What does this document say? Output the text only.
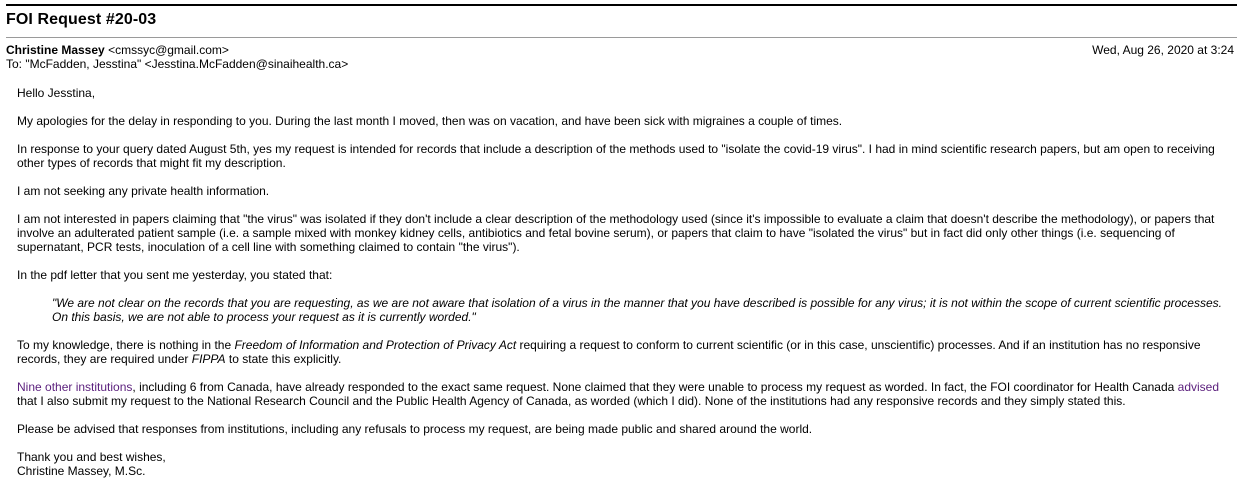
FOI Request #20-03
Christine Massey <cmssyc@gmail.com>	Wed, Aug 26, 2020 at 3:24
To: "McFadden, Jesstina" <Jesstina.McFadden@sinaihealth.ca>

Hello Jesstina,

My apologies for the delay in responding to you. During the last month I moved, then was on vacation, and have been sick with migraines a couple of times.

In response to your query dated August 5th, yes my request is intended for records that include a description of the methods used to "isolate the covid-19 virus". I had in mind scientific research papers, but am open to receiving other types of records that might fit my description.

I am not seeking any private health information.

I am not interested in papers claiming that "the virus" was isolated if they don't include a clear description of the methodology used (since it's impossible to evaluate a claim that doesn't describe the methodology), or papers that involve an adulterated patient sample (i.e. a sample mixed with monkey kidney cells, antibiotics and fetal bovine serum), or papers that claim to have "isolated the virus" but in fact did only other things (i.e. sequencing of supernatant, PCR tests, inoculation of a cell line with something claimed to contain "the virus").

In the pdf letter that you sent me yesterday, you stated that:

"We are not clear on the records that you are requesting, as we are not aware that isolation of a virus in the manner that you have described is possible for any virus; it is not within the scope of current scientific processes. On this basis, we are not able to process your request as it is currently worded."

To my knowledge, there is nothing in the Freedom of Information and Protection of Privacy Act requiring a request to conform to current scientific (or in this case, unscientific) processes. And if an institution has no responsive records, they are required under FIPPA to state this explicitly.

Nine other institutions, including 6 from Canada, have already responded to the exact same request. None claimed that they were unable to process my request as worded. In fact, the FOI coordinator for Health Canada advised that I also submit my request to the National Research Council and the Public Health Agency of Canada, as worded (which I did). None of the institutions had any responsive records and they simply stated this.

Please be advised that responses from institutions, including any refusals to process my request, are being made public and shared around the world.

Thank you and best wishes,
Christine Massey, M.Sc.
